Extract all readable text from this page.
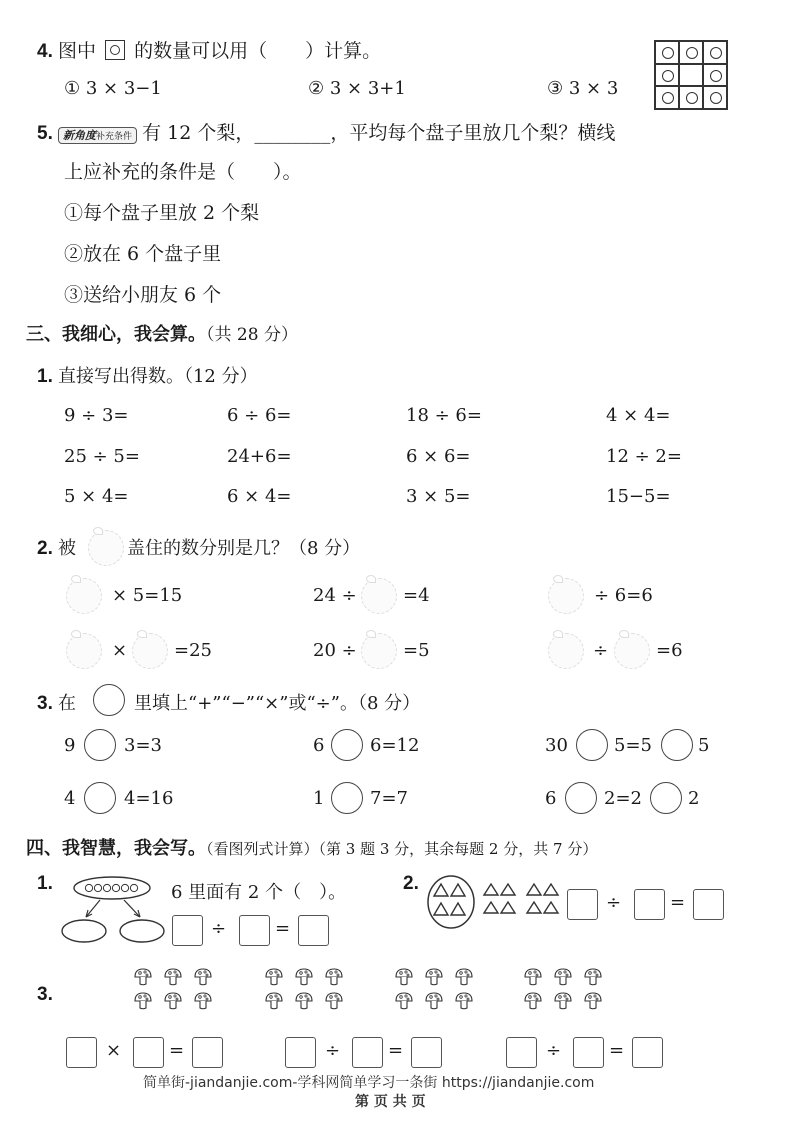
4. 图中 的数量可以用（　　）计算。
① 3 × 3−1	② 3 × 3+1	③ 3 × 3
5. 新角度补充条件 有 12 个梨，________，平均每个盘子里放几个梨？横线
上应补充的条件是（　　）。
①每个盘子里放 2 个梨
②放在 6 个盘子里
③送给小朋友 6 个
三、我细心，我会算。（共 28 分）
1. 直接写出得数。（12 分）
9 ÷ 3=	6 ÷ 6=	18 ÷ 6=	4 × 4=
25 ÷ 5=	24+6=	6 × 6=	12 ÷ 2=
5 × 4=	6 × 4=	3 × 5=	15−5=
2. 被	盖住的数分别是几？（8 分）
× 5=15	24 ÷	=4	÷ 6=6
×	=25	20 ÷	=5	÷	=6
3. 在	里填上“+”“−”“×”或“÷”。（8 分）
9	3=3	6	6=12	30	5=5	5
4	4=16	1	7=7	6	2=2	2
四、我智慧，我会写。（看图列式计算）（第 3 题 3 分，其余每题 2 分，共 7 分）
1.	6 里面有 2 个（　）。
÷	=
2.
÷	=
3.
×	=	÷	=	÷	=
简单街-jiandanjie.com-学科网简单学习一条街 https://jiandanjie.com
第 页 共 页
